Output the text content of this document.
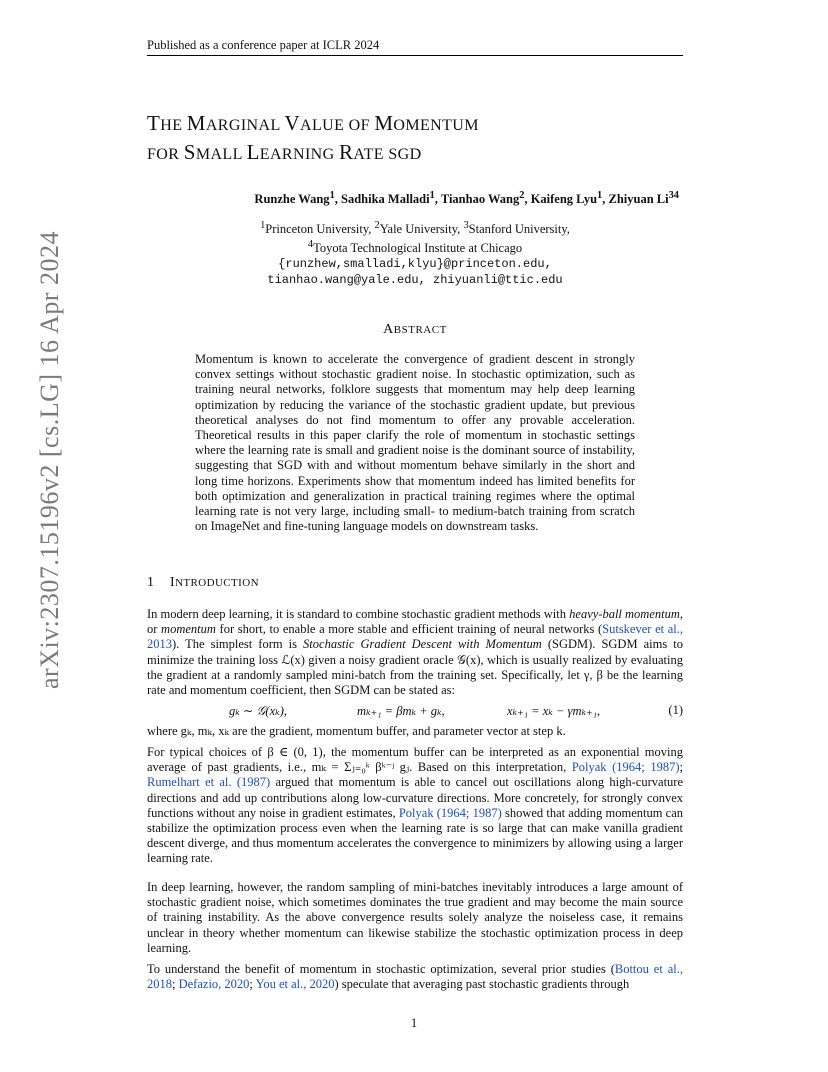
Published as a conference paper at ICLR 2024
arXiv:2307.15196v2 [cs.LG] 16 Apr 2024
THE MARGINAL VALUE OF MOMENTUM
FOR SMALL LEARNING RATE SGD
Runzhe Wang$^1$, Sadhika Malladi$^1$, Tianhao Wang$^2$, Kaifeng Lyu$^1$, Zhiyuan Li$^{34}$
$^1$Princeton University, $^2$Yale University, $^3$Stanford University,
$^4$Toyota Technological Institute at Chicago
{runzhew,smalladi,klyu}@princeton.edu,
tianhao.wang@yale.edu, zhiyuanli@ttic.edu
ABSTRACT
Momentum is known to accelerate the convergence of gradient descent in strongly convex settings without stochastic gradient noise. In stochastic optimization, such as training neural networks, folklore suggests that momentum may help deep learning optimization by reducing the variance of the stochastic gradient update, but previous theoretical analyses do not find momentum to offer any provable acceleration. Theoretical results in this paper clarify the role of momentum in stochastic settings where the learning rate is small and gradient noise is the dominant source of instability, suggesting that SGD with and without momentum behave similarly in the short and long time horizons. Experiments show that momentum indeed has limited benefits for both optimization and generalization in practical training regimes where the optimal learning rate is not very large, including small- to medium-batch training from scratch on ImageNet and fine-tuning language models on downstream tasks.
1 INTRODUCTION
In modern deep learning, it is standard to combine stochastic gradient methods with heavy-ball momentum, or momentum for short, to enable a more stable and efficient training of neural networks (Sutskever et al., 2013). The simplest form is Stochastic Gradient Descent with Momentum (SGDM). SGDM aims to minimize the training loss ℒ(x) given a noisy gradient oracle 𝒢(x), which is usually realized by evaluating the gradient at a randomly sampled mini-batch from the training set. Specifically, let γ, β be the learning rate and momentum coefficient, then SGDM can be stated as:
gₖ ∼ 𝒢(xₖ),	mₖ₊₁ = βmₖ + gₖ,	xₖ₊₁ = xₖ − γmₖ₊₁,	(1)
where gₖ, mₖ, xₖ are the gradient, momentum buffer, and parameter vector at step k.
For typical choices of β ∈ (0, 1), the momentum buffer can be interpreted as an exponential moving average of past gradients, i.e., mₖ = Σⱼ₌₀ᵏ βᵏ⁻ʲ gⱼ. Based on this interpretation, Polyak (1964; 1987); Rumelhart et al. (1987) argued that momentum is able to cancel out oscillations along high-curvature directions and add up contributions along low-curvature directions. More concretely, for strongly convex functions without any noise in gradient estimates, Polyak (1964; 1987) showed that adding momentum can stabilize the optimization process even when the learning rate is so large that can make vanilla gradient descent diverge, and thus momentum accelerates the convergence to minimizers by allowing using a larger learning rate.
In deep learning, however, the random sampling of mini-batches inevitably introduces a large amount of stochastic gradient noise, which sometimes dominates the true gradient and may become the main source of training instability. As the above convergence results solely analyze the noiseless case, it remains unclear in theory whether momentum can likewise stabilize the stochastic optimization process in deep learning.
To understand the benefit of momentum in stochastic optimization, several prior studies (Bottou et al., 2018; Defazio, 2020; You et al., 2020) speculate that averaging past stochastic gradients through
1
